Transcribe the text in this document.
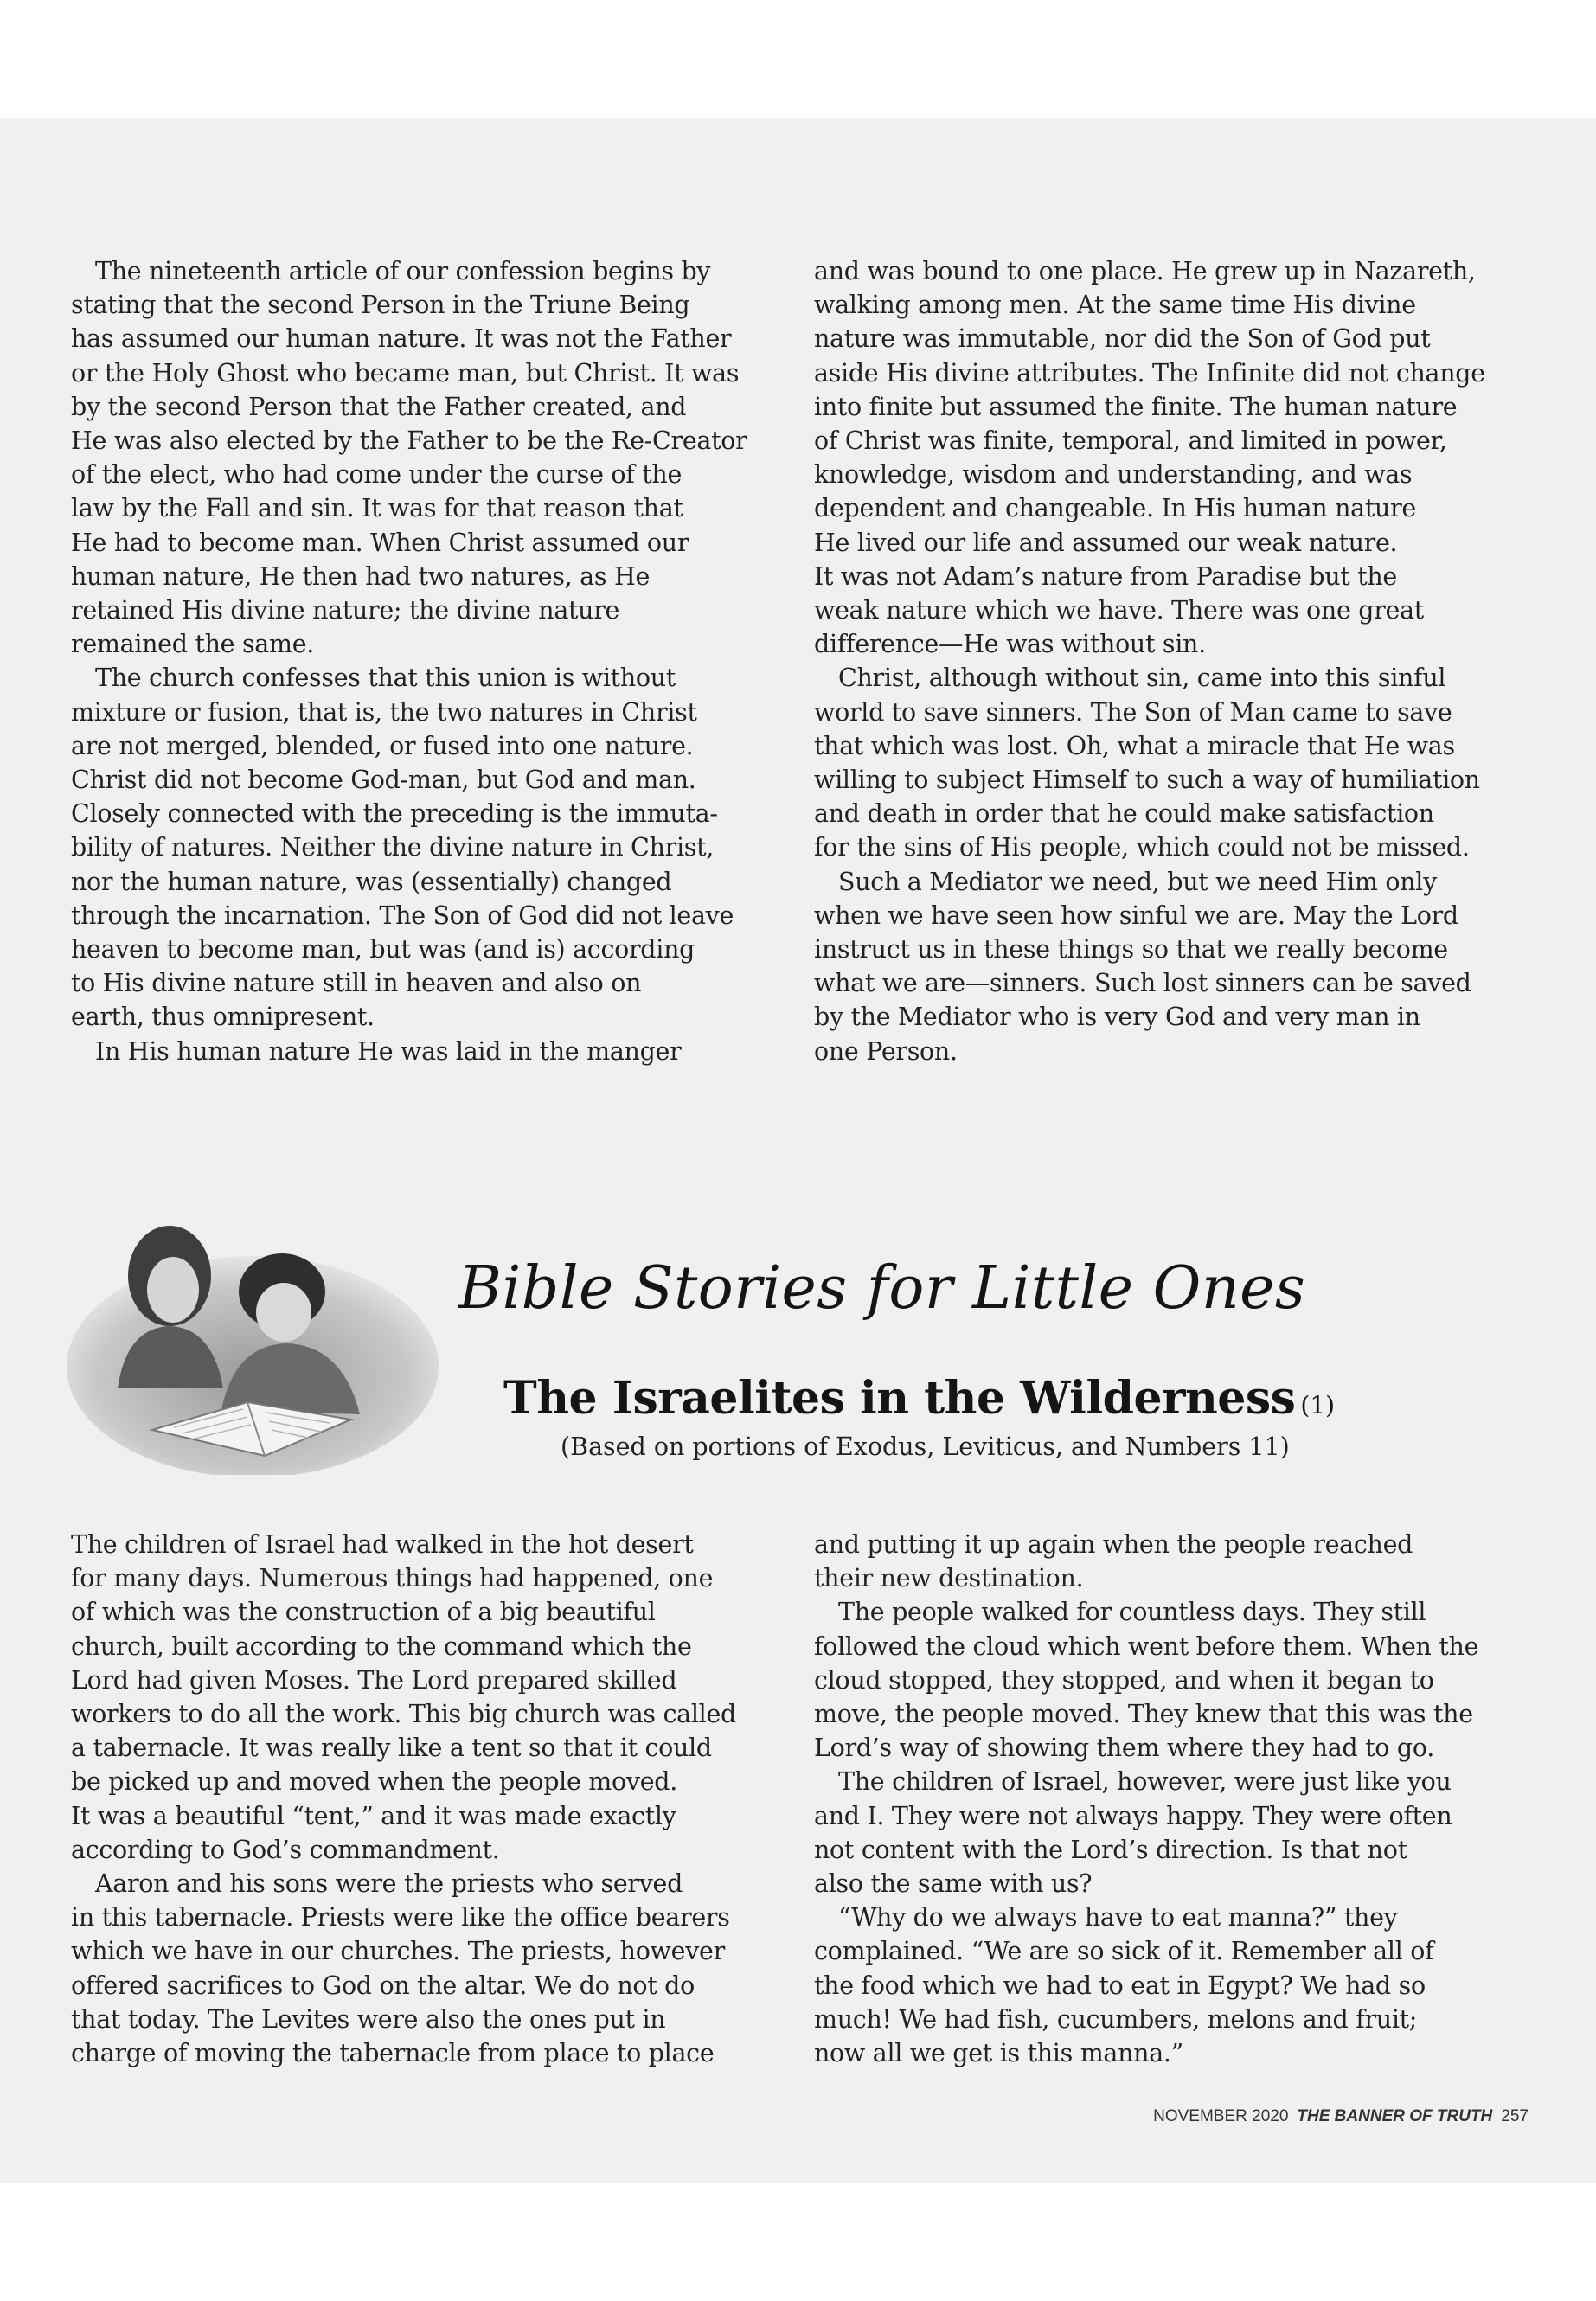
The nineteenth article of our confession begins by
stating that the second Person in the Triune Being
has assumed our human nature. It was not the Father
or the Holy Ghost who became man, but Christ. It was
by the second Person that the Father created, and
He was also elected by the Father to be the Re-Creator
of the elect, who had come under the curse of the
law by the Fall and sin. It was for that reason that
He had to become man. When Christ assumed our
human nature, He then had two natures, as He
retained His divine nature; the divine nature
remained the same.
The church confesses that this union is without
mixture or fusion, that is, the two natures in Christ
are not merged, blended, or fused into one nature.
Christ did not become God-man, but God and man.
Closely connected with the preceding is the immuta-
bility of natures. Neither the divine nature in Christ,
nor the human nature, was (essentially) changed
through the incarnation. The Son of God did not leave
heaven to become man, but was (and is) according
to His divine nature still in heaven and also on
earth, thus omnipresent.
In His human nature He was laid in the manger
and was bound to one place. He grew up in Nazareth,
walking among men. At the same time His divine
nature was immutable, nor did the Son of God put
aside His divine attributes. The Infinite did not change
into finite but assumed the finite. The human nature
of Christ was finite, temporal, and limited in power,
knowledge, wisdom and understanding, and was
dependent and changeable. In His human nature
He lived our life and assumed our weak nature.
It was not Adam’s nature from Paradise but the
weak nature which we have. There was one great
difference—He was without sin.
Christ, although without sin, came into this sinful
world to save sinners. The Son of Man came to save
that which was lost. Oh, what a miracle that He was
willing to subject Himself to such a way of humiliation
and death in order that he could make satisfaction
for the sins of His people, which could not be missed.
Such a Mediator we need, but we need Him only
when we have seen how sinful we are. May the Lord
instruct us in these things so that we really become
what we are—sinners. Such lost sinners can be saved
by the Mediator who is very God and very man in
one Person.
Bible Stories for Little Ones
The Israelites in the Wilderness (1)
(Based on portions of Exodus, Leviticus, and Numbers 11)
The children of Israel had walked in the hot desert
for many days. Numerous things had happened, one
of which was the construction of a big beautiful
church, built according to the command which the
Lord had given Moses. The Lord prepared skilled
workers to do all the work. This big church was called
a tabernacle. It was really like a tent so that it could
be picked up and moved when the people moved.
It was a beautiful “tent,” and it was made exactly
according to God’s commandment.
Aaron and his sons were the priests who served
in this tabernacle. Priests were like the office bearers
which we have in our churches. The priests, however
offered sacrifices to God on the altar. We do not do
that today. The Levites were also the ones put in
charge of moving the tabernacle from place to place
and putting it up again when the people reached
their new destination.
The people walked for countless days. They still
followed the cloud which went before them. When the
cloud stopped, they stopped, and when it began to
move, the people moved. They knew that this was the
Lord’s way of showing them where they had to go.
The children of Israel, however, were just like you
and I. They were not always happy. They were often
not content with the Lord’s direction. Is that not
also the same with us?
“Why do we always have to eat manna?” they
complained. “We are so sick of it. Remember all of
the food which we had to eat in Egypt? We had so
much! We had fish, cucumbers, melons and fruit;
now all we get is this manna.”
NOVEMBER 2020 THE BANNER OF TRUTH 257
